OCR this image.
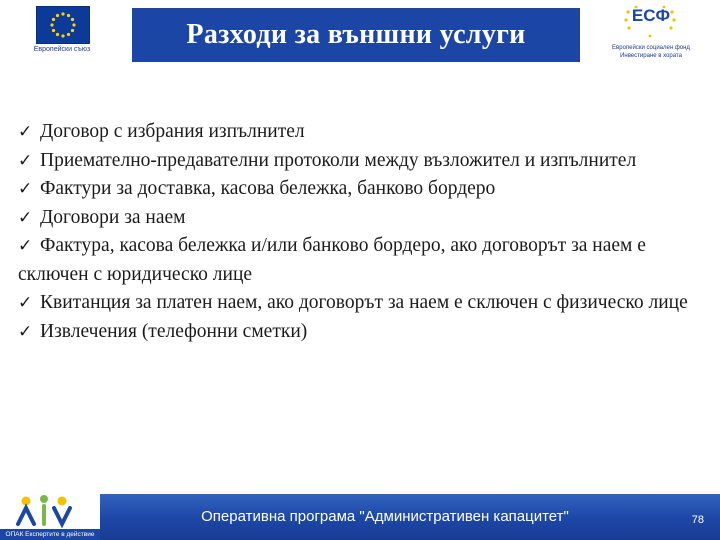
Европейски съюз	Разходи за външни услуги
ЕСФ
Европейски социален фонд
Инвестиране в хората
✓ Договор с избрания изпълнител
✓ Приемателно-предавателни протоколи между възложител и изпълнител
✓ Фактури за доставка, касова бележка, банково бордеро
✓ Договори за наем
✓ Фактура, касова бележка и/или банково бордеро, ако договорът за наем е сключен с юридическо лице
✓ Квитанция за платен наем, ако договорът за наем е сключен с физическо лице
✓ Извлечения (телефонни сметки)
ОПАК Експертите в действие
Оперативна програма "Административен капацитет"	78
